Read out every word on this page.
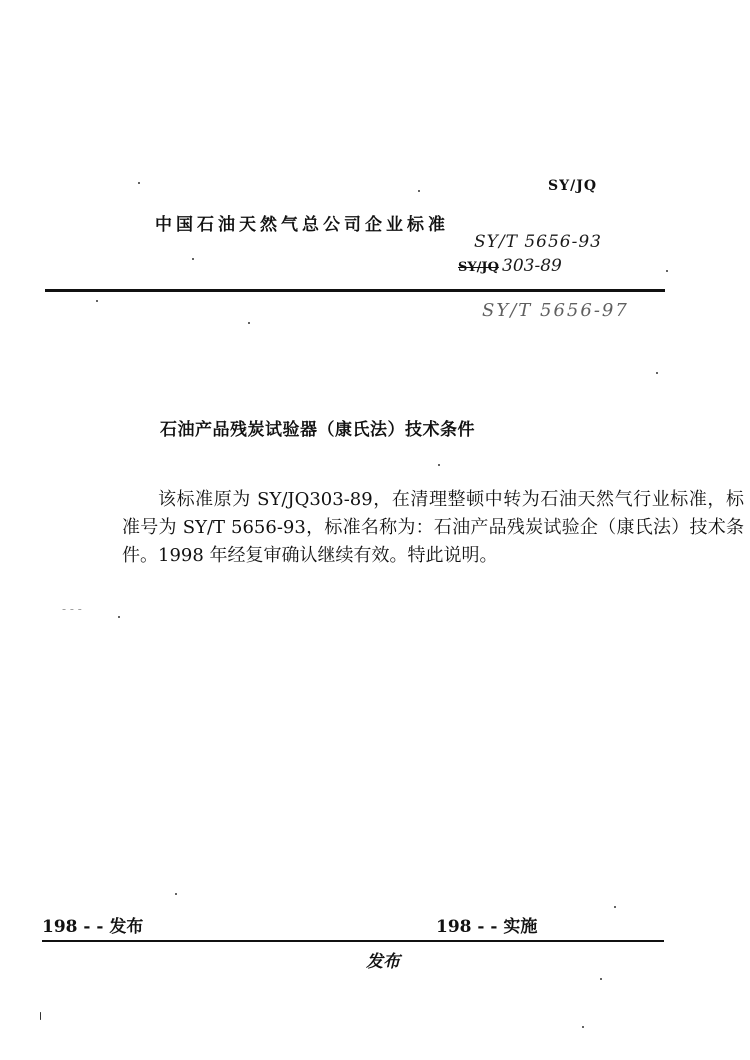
SY/JQ
中国石油天然气总公司企业标准
SY/T 5656-93
SY/JQ 303-89
SY/T 5656-97
石油产品残炭试验器（康氏法）技术条件
该标准原为 SY/JQ303-89，在清理整顿中转为石油天然气行业标准，标准号为 SY/T 5656-93，标准名称为：石油产品残炭试验企（康氏法）技术条件。1998 年经复审确认继续有效。特此说明。
- - -
198 - - 发布	198 - - 实施
发布
